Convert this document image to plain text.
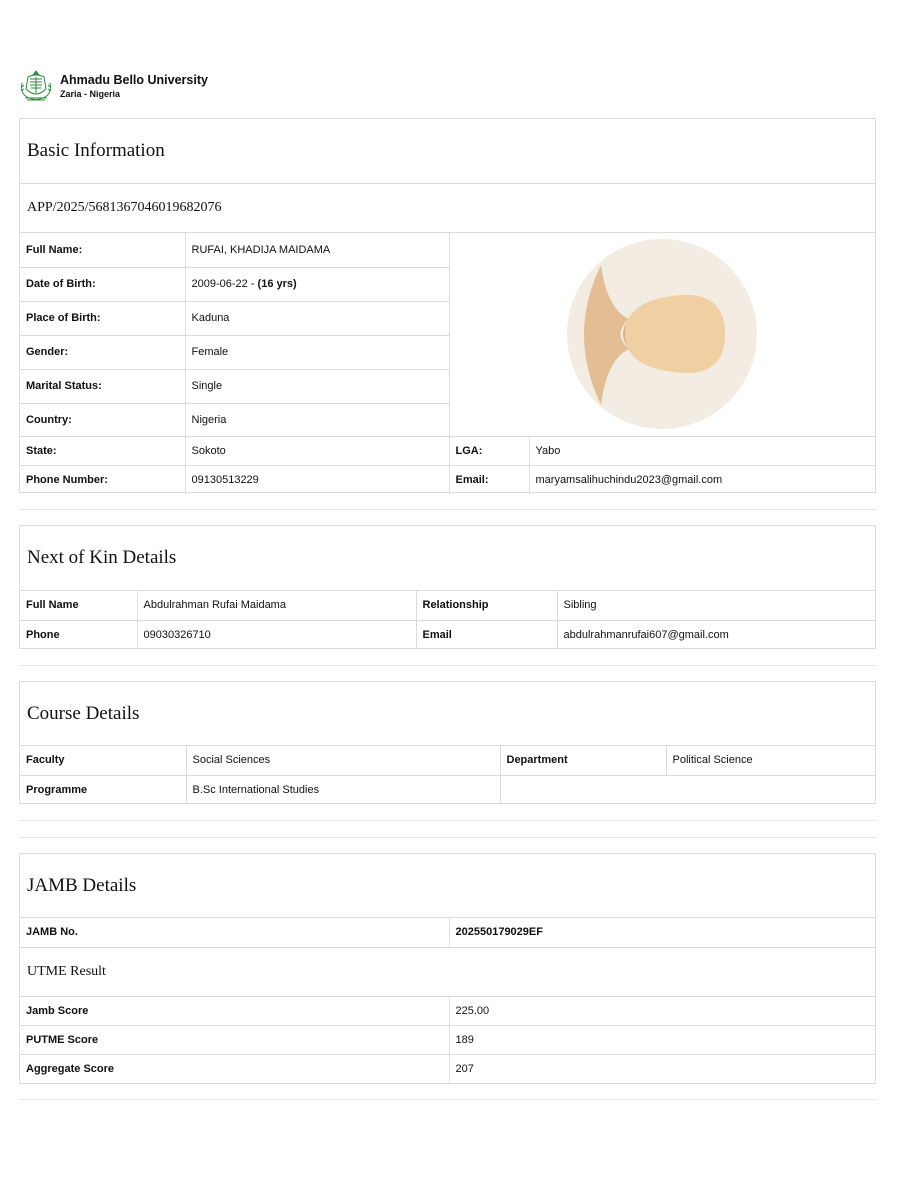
Ahmadu Bello University
Zaria - Nigeria
Basic Information
APP/2025/5681367046019682076
Full Name:	RUFAI, KHADIJA MAIDAMA	

Date of Birth:	2009-06-22 - (16 yrs)		
Place of Birth:	Kaduna		
Gender:	Female		
Marital Status:	Single		
Country:	Nigeria		
State:	Sokoto	LGA:	Yabo
Phone Number:	09130513229	Email:	maryamsalihuchindu2023@gmail.com
Next of Kin Details
Full Name	Abdulrahman Rufai Maidama	Relationship	Sibling
Phone	09030326710	Email	abdulrahmanrufai607@gmail.com
Course Details
Faculty	Social Sciences	Department	Political Science
Programme	B.Sc International Studies		
JAMB Details
JAMB No.	202550179029EF
UTME Result
Jamb Score	225.00
PUTME Score	189
Aggregate Score	207
